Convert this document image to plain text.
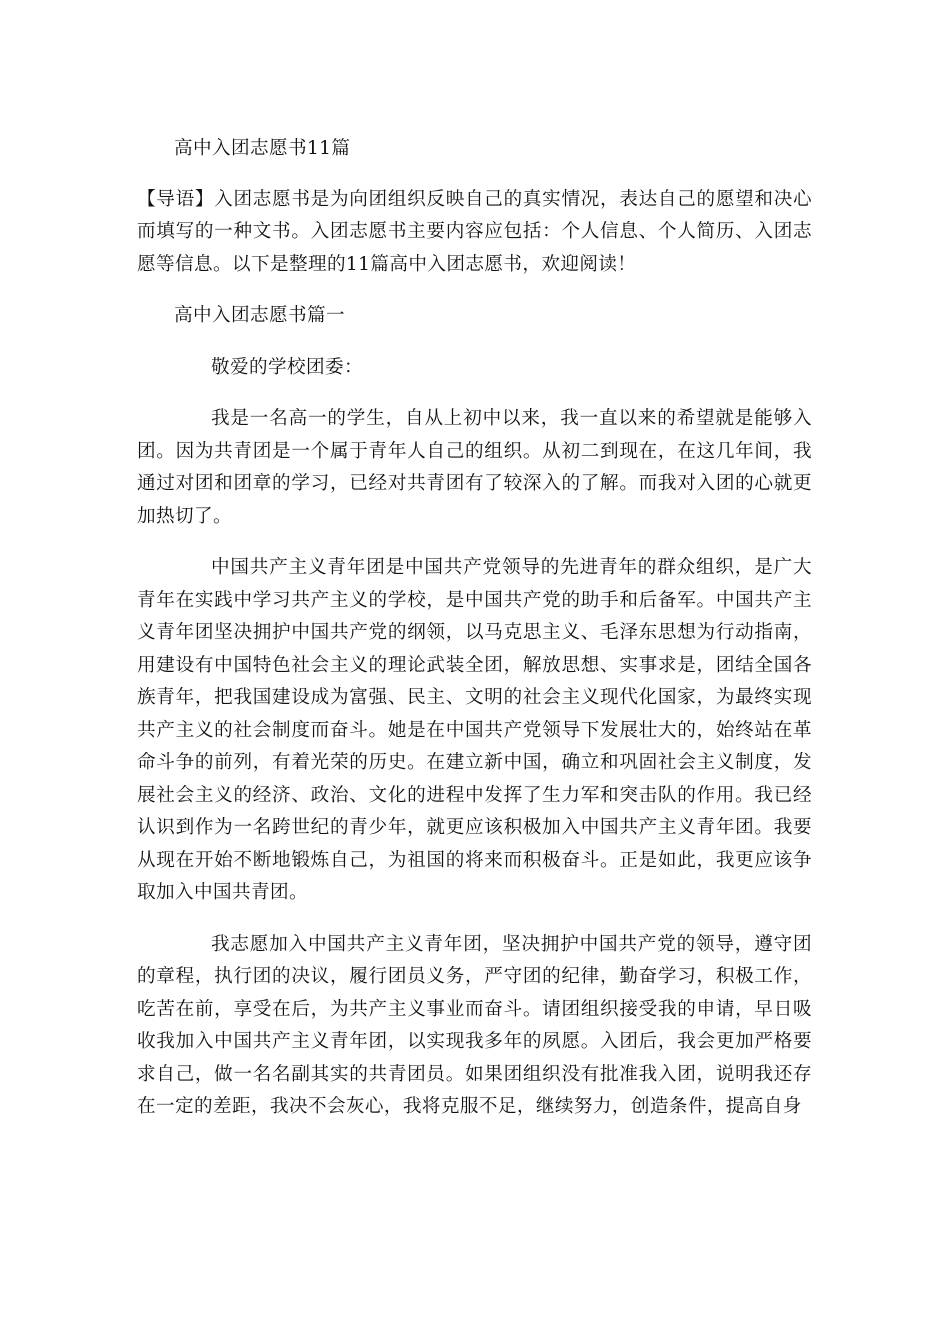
高中入团志愿书11篇

【导语】入团志愿书是为向团组织反映自己的真实情况，表达自己的愿望和决心而填写的一种文书。入团志愿书主要内容应包括：个人信息、个人简历、入团志愿等信息。以下是整理的11篇高中入团志愿书，欢迎阅读！

高中入团志愿书篇一

敬爱的学校团委：

我是一名高一的学生，自从上初中以来，我一直以来的希望就是能够入团。因为共青团是一个属于青年人自己的组织。从初二到现在，在这几年间，我通过对团和团章的学习，已经对共青团有了较深入的了解。而我对入团的心就更加热切了。

中国共产主义青年团是中国共产党领导的先进青年的群众组织，是广大青年在实践中学习共产主义的学校，是中国共产党的助手和后备军。中国共产主义青年团坚决拥护中国共产党的纲领，以马克思主义、毛泽东思想为行动指南，用建设有中国特色社会主义的理论武装全团，解放思想、实事求是，团结全国各族青年，把我国建设成为富强、民主、文明的社会主义现代化国家，为最终实现共产主义的社会制度而奋斗。她是在中国共产党领导下发展壮大的，始终站在革命斗争的前列，有着光荣的历史。在建立新中国，确立和巩固社会主义制度，发展社会主义的经济、政治、文化的进程中发挥了生力军和突击队的作用。我已经认识到作为一名跨世纪的青少年，就更应该积极加入中国共产主义青年团。我要从现在开始不断地锻炼自己，为祖国的将来而积极奋斗。正是如此，我更应该争取加入中国共青团。

我志愿加入中国共产主义青年团，坚决拥护中国共产党的领导，遵守团的章程，执行团的决议，履行团员义务，严守团的纪律，勤奋学习，积极工作，吃苦在前，享受在后，为共产主义事业而奋斗。请团组织接受我的申请，早日吸收我加入中国共产主义青年团，以实现我多年的夙愿。入团后，我会更加严格要求自己，做一名名副其实的共青团员。如果团组织没有批准我入团，说明我还存在一定的差距，我决不会灰心，我将克服不足，继续努力，创造条件，提高自身
